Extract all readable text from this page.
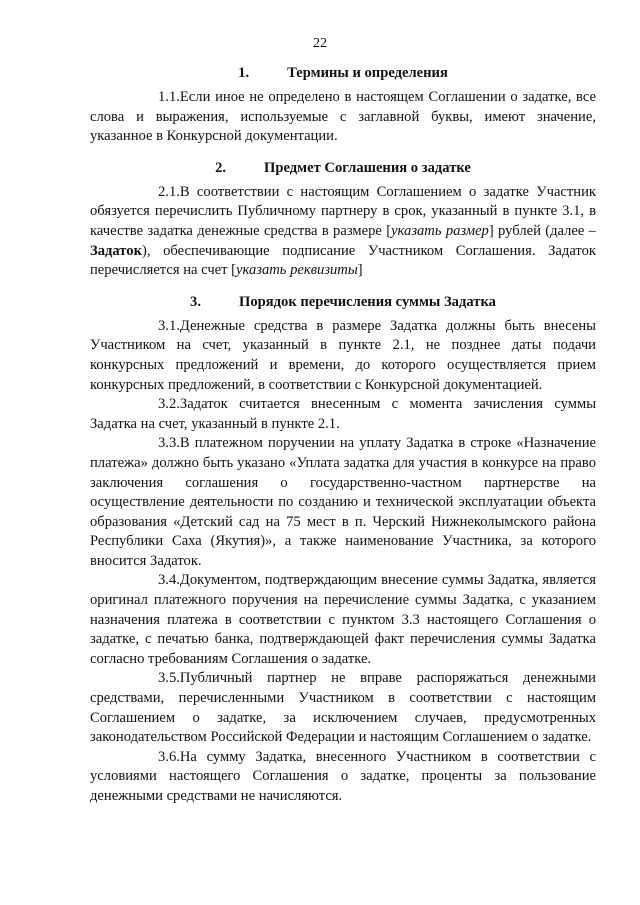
22
1.	Термины и определения

1.1.Если иное не определено в настоящем Соглашении о задатке, все слова и выражения, используемые с заглавной буквы, имеют значение, указанное в Конкурсной документации.

2.	Предмет Соглашения о задатке

2.1.В соответствии с настоящим Соглашением о задатке Участник обязуется перечислить Публичному партнеру в срок, указанный в пункте 3.1, в качестве задатка денежные средства в размере [указать размер] рублей (далее – Задаток), обеспечивающие подписание Участником Соглашения. Задаток перечисляется на счет [указать реквизиты]

3.	Порядок перечисления суммы Задатка

3.1.Денежные средства в размере Задатка должны быть внесены Участником на счет, указанный в пункте 2.1, не позднее даты подачи конкурсных предложений и времени, до которого осуществляется прием конкурсных предложений, в соответствии с Конкурсной документацией.

3.2.Задаток считается внесенным с момента зачисления суммы Задатка на счет, указанный в пункте 2.1.

3.3.В платежном поручении на уплату Задатка в строке «Назначение платежа» должно быть указано «Уплата задатка для участия в конкурсе на право заключения соглашения о государственно-частном партнерстве на осуществление деятельности по созданию и технической эксплуатации объекта образования «Детский сад на 75 мест в п. Черский Нижнеколымского района Республики Саха (Якутия)», а также наименование Участника, за которого вносится Задаток.

3.4.Документом, подтверждающим внесение суммы Задатка, является оригинал платежного поручения на перечисление суммы Задатка, с указанием назначения платежа в соответствии с пунктом 3.3 настоящего Соглашения о задатке, с печатью банка, подтверждающей факт перечисления суммы Задатка согласно требованиям Соглашения о задатке.

3.5.Публичный партнер не вправе распоряжаться денежными средствами, перечисленными Участником в соответствии с настоящим Соглашением о задатке, за исключением случаев, предусмотренных законодательством Российской Федерации и настоящим Соглашением о задатке.

3.6.На сумму Задатка, внесенного Участником в соответствии с условиями настоящего Соглашения о задатке, проценты за пользование денежными средствами не начисляются.
